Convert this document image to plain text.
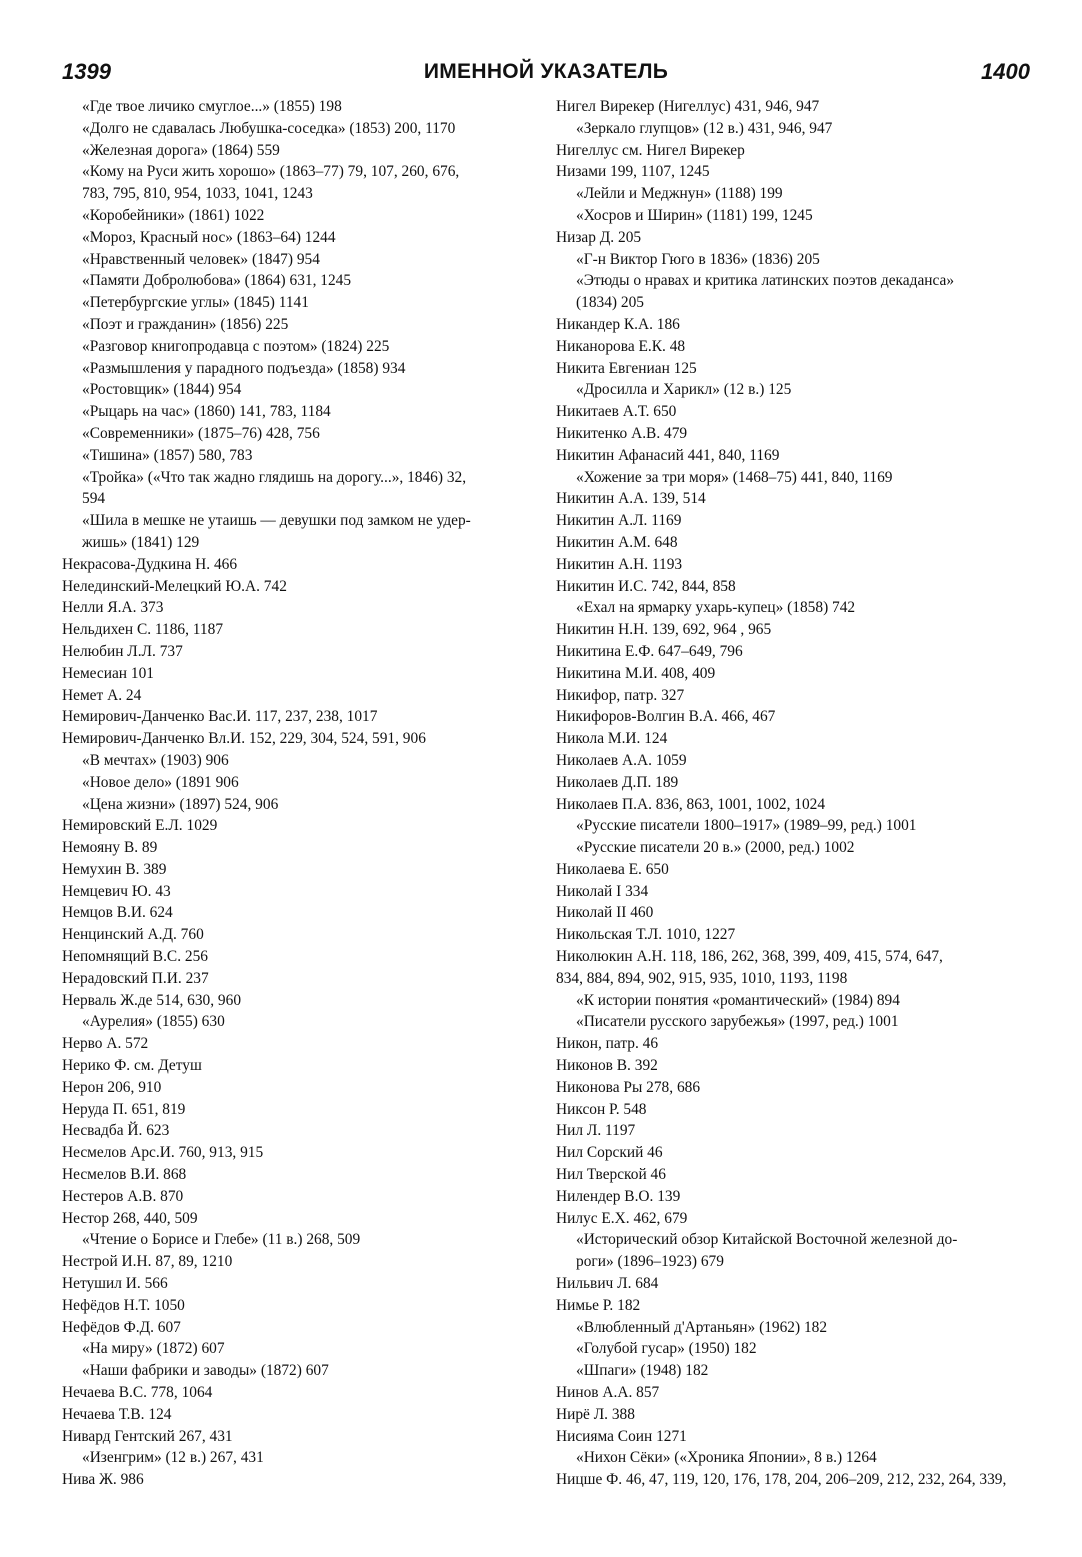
1399	ИМЕННОЙ УКАЗАТЕЛЬ	1400
«Где твое личико смуглое...» (1855) 198
«Долго не сдавалась Любушка-соседка» (1853) 200, 1170
«Железная дорога» (1864) 559
«Кому на Руси жить хорошо» (1863–77) 79, 107, 260, 676,
783, 795, 810, 954, 1033, 1041, 1243
«Коробейники» (1861) 1022
«Мороз, Красный нос» (1863–64) 1244
«Нравственный человек» (1847) 954
«Памяти Добролюбова» (1864) 631, 1245
«Петербургские углы» (1845) 1141
«Поэт и гражданин» (1856) 225
«Разговор книгопродавца с поэтом» (1824) 225
«Размышления у парадного подъезда» (1858) 934
«Ростовщик» (1844) 954
«Рыцарь на час» (1860) 141, 783, 1184
«Современники» (1875–76) 428, 756
«Тишина» (1857) 580, 783
«Тройка» («Что так жадно глядишь на дорогу...», 1846) 32,
594
«Шила в мешке не утаишь — девушки под замком не удер-
жишь» (1841) 129
Некрасова-Дудкина Н. 466
Нелединский-Мелецкий Ю.А. 742
Нелли Я.А. 373
Нельдихен С. 1186, 1187
Нелюбин Л.Л. 737
Немесиан 101
Немет А. 24
Немирович-Данченко Вас.И. 117, 237, 238, 1017
Немирович-Данченко Вл.И. 152, 229, 304, 524, 591, 906
«В мечтах» (1903) 906
«Новое дело» (1891 906
«Цена жизни» (1897) 524, 906
Немировский Е.Л. 1029
Немояну В. 89
Немухин В. 389
Немцевич Ю. 43
Немцов В.И. 624
Ненцинский А.Д. 760
Непомнящий В.С. 256
Нерадовский П.И. 237
Нерваль Ж.де 514, 630, 960
«Аурелия» (1855) 630
Нерво А. 572
Нерико Ф. см. Детуш
Нерон 206, 910
Неруда П. 651, 819
Несвадба Й. 623
Несмелов Арс.И. 760, 913, 915
Несмелов В.И. 868
Нестеров А.В. 870
Нестор 268, 440, 509
«Чтение о Борисе и Глебе» (11 в.) 268, 509
Нестрой И.Н. 87, 89, 1210
Нетушил И. 566
Нефёдов Н.Т. 1050
Нефёдов Ф.Д. 607
«На миру» (1872) 607
«Наши фабрики и заводы» (1872) 607
Нечаева В.С. 778, 1064
Нечаева Т.В. 124
Нивард Гентский 267, 431
«Изенгрим» (12 в.) 267, 431
Нива Ж. 986
Нигел Вирекер (Нигеллус) 431, 946, 947
«Зеркало глупцов» (12 в.) 431, 946, 947
Нигеллус см. Нигел Вирекер
Низами 199, 1107, 1245
«Лейли и Меджнун» (1188) 199
«Хосров и Ширин» (1181) 199, 1245
Низар Д. 205
«Г-н Виктор Гюго в 1836» (1836) 205
«Этюды о нравах и критика латинских поэтов декаданса»
(1834) 205
Никандер К.А. 186
Никанорова Е.К. 48
Никита Евгениан 125
«Дросилла и Харикл» (12 в.) 125
Никитаев А.Т. 650
Никитенко А.В. 479
Никитин Афанасий 441, 840, 1169
«Хожение за три моря» (1468–75) 441, 840, 1169
Никитин А.А. 139, 514
Никитин А.Л. 1169
Никитин А.М. 648
Никитин А.Н. 1193
Никитин И.С. 742, 844, 858
«Ехал на ярмарку ухарь-купец» (1858) 742
Никитин Н.Н. 139, 692, 964 , 965
Никитина Е.Ф. 647–649, 796
Никитина М.И. 408, 409
Никифор, патр. 327
Никифоров-Волгин В.А. 466, 467
Никола М.И. 124
Николаев А.А. 1059
Николаев Д.П. 189
Николаев П.А. 836, 863, 1001, 1002, 1024
«Русские писатели 1800–1917» (1989–99, ред.) 1001
«Русские писатели 20 в.» (2000, ред.) 1002
Николаева Е. 650
Николай I 334
Николай II 460
Никольская Т.Л. 1010, 1227
Николюкин А.Н. 118, 186, 262, 368, 399, 409, 415, 574, 647,
834, 884, 894, 902, 915, 935, 1010, 1193, 1198
«К истории понятия «романтический» (1984) 894
«Писатели русского зарубежья» (1997, ред.) 1001
Никон, патр. 46
Никонов В. 392
Никонова Ры 278, 686
Никсон Р. 548
Нил Л. 1197
Нил Сорский 46
Нил Тверской 46
Нилендер В.О. 139
Нилус Е.Х. 462, 679
«Исторический обзор Китайской Восточной железной до-
роги» (1896–1923) 679
Нильвич Л. 684
Нимье Р. 182
«Влюбленный д'Артаньян» (1962) 182
«Голубой гусар» (1950) 182
«Шпаги» (1948) 182
Нинов А.А. 857
Нирё Л. 388
Нисияма Соин 1271
«Нихон Сёки» («Хроника Японии», 8 в.) 1264
Ницше Ф. 46, 47, 119, 120, 176, 178, 204, 206–209, 212, 232, 264, 339,
